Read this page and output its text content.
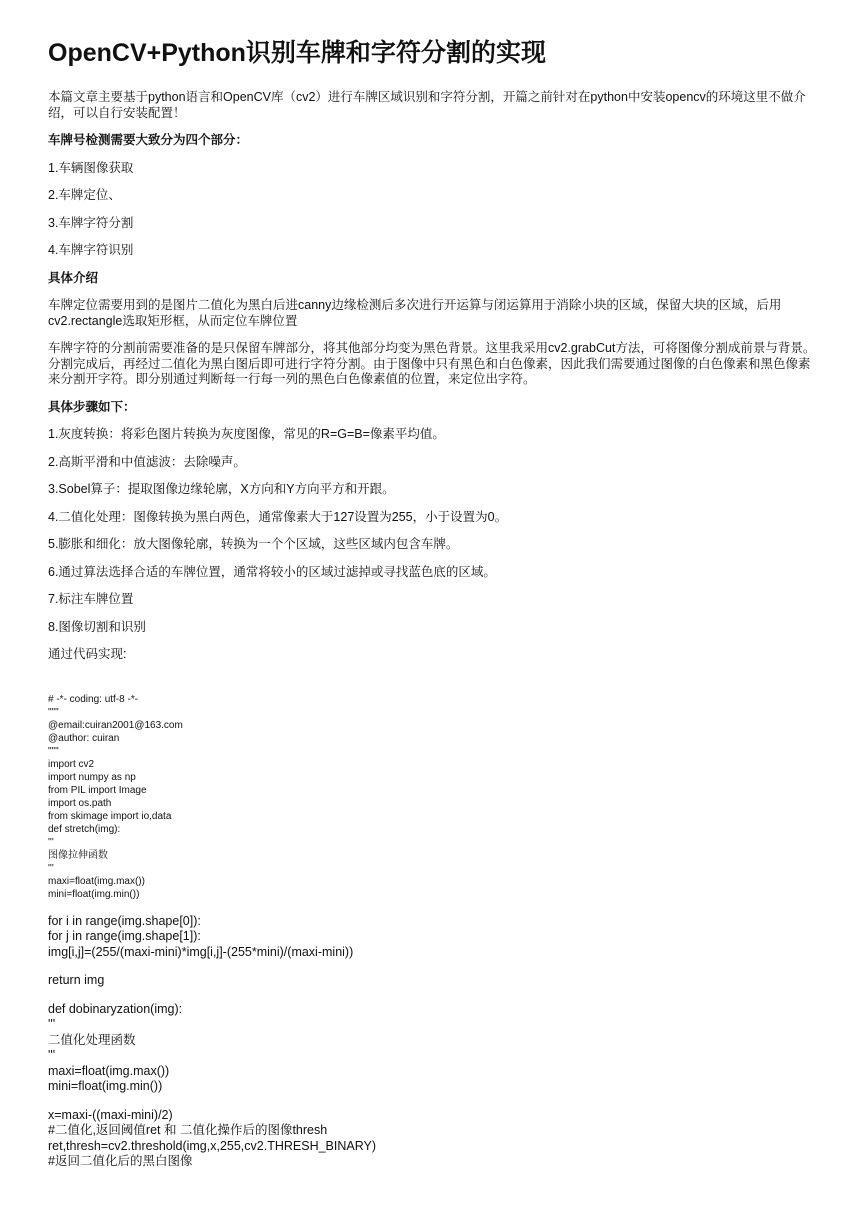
OpenCV+Python识别车牌和字符分割的实现

本篇文章主要基于python语言和OpenCV库（cv2）进行车牌区域识别和字符分割，开篇之前针对在python中安装opencv的环境这里不做介绍，可以自行安装配置！

车牌号检测需要大致分为四个部分：

1.车辆图像获取

2.车牌定位、

3.车牌字符分割

4.车牌字符识别

具体介绍

车牌定位需要用到的是图片二值化为黑白后进canny边缘检测后多次进行开运算与闭运算用于消除小块的区域，保留大块的区域，后用cv2.rectangle选取矩形框，从而定位车牌位置

车牌字符的分割前需要准备的是只保留车牌部分，将其他部分均变为黑色背景。这里我采用cv2.grabCut方法，可将图像分割成前景与背景。分割完成后，再经过二值化为黑白图后即可进行字符分割。由于图像中只有黑色和白色像素，因此我们需要通过图像的白色像素和黑色像素来分割开字符。即分别通过判断每一行每一列的黑色白色像素值的位置，来定位出字符。

具体步骤如下：

1.灰度转换：将彩色图片转换为灰度图像，常见的R=G=B=像素平均值。

2.高斯平滑和中值滤波：去除噪声。

3.Sobel算子：提取图像边缘轮廓，X方向和Y方向平方和开跟。

4.二值化处理：图像转换为黑白两色，通常像素大于127设置为255，小于设置为0。

5.膨胀和细化：放大图像轮廓，转换为一个个区域，这些区域内包含车牌。

6.通过算法选择合适的车牌位置，通常将较小的区域过滤掉或寻找蓝色底的区域。

7.标注车牌位置

8.图像切割和识别

通过代码实现:

# -*- coding: utf-8 -*-

"""

@email:cuiran2001@163.com

@author: cuiran

"""

import cv2

import numpy as np

from PIL import Image

import os.path

from skimage import io,data

def stretch(img):

'''

图像拉伸函数

'''

maxi=float(img.max())

mini=float(img.min())

for i in range(img.shape[0]):

for j in range(img.shape[1]):

img[i,j]=(255/(maxi-mini)*img[i,j]-(255*mini)/(maxi-mini))

return img

def dobinaryzation(img):

'''

二值化处理函数

'''

maxi=float(img.max())

mini=float(img.min())

x=maxi-((maxi-mini)/2)

#二值化,返回阈值ret 和 二值化操作后的图像thresh

ret,thresh=cv2.threshold(img,x,255,cv2.THRESH_BINARY)

#返回二值化后的黑白图像
